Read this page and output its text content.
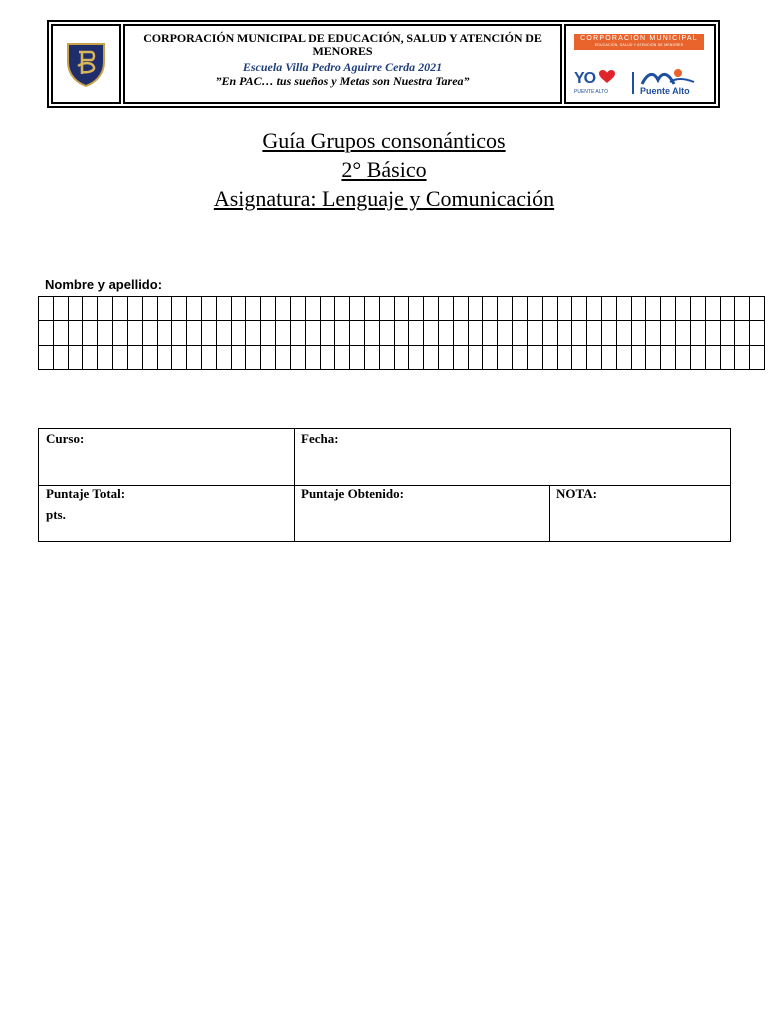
CORPORACIÓN MUNICIPAL DE EDUCACIÓN, SALUD Y ATENCIÓN DE MENORES
Escuela Villa Pedro Aguirre Cerda 2021
”En PAC… tus sueños y Metas son Nuestra Tarea”
CORPORACIÓN MUNICIPAL
EDUCACIÓN, SALUD Y ATENCIÓN DE MENORES
YO
PUENTE ALTO	Puente Alto
Guía Grupos consonánticos
2° Básico
Asignatura: Lenguaje y Comunicación
Nombre y apellido:
Curso:	Fecha:
Puntaje Total:
pts.
Puntaje Obtenido:	NOTA:
